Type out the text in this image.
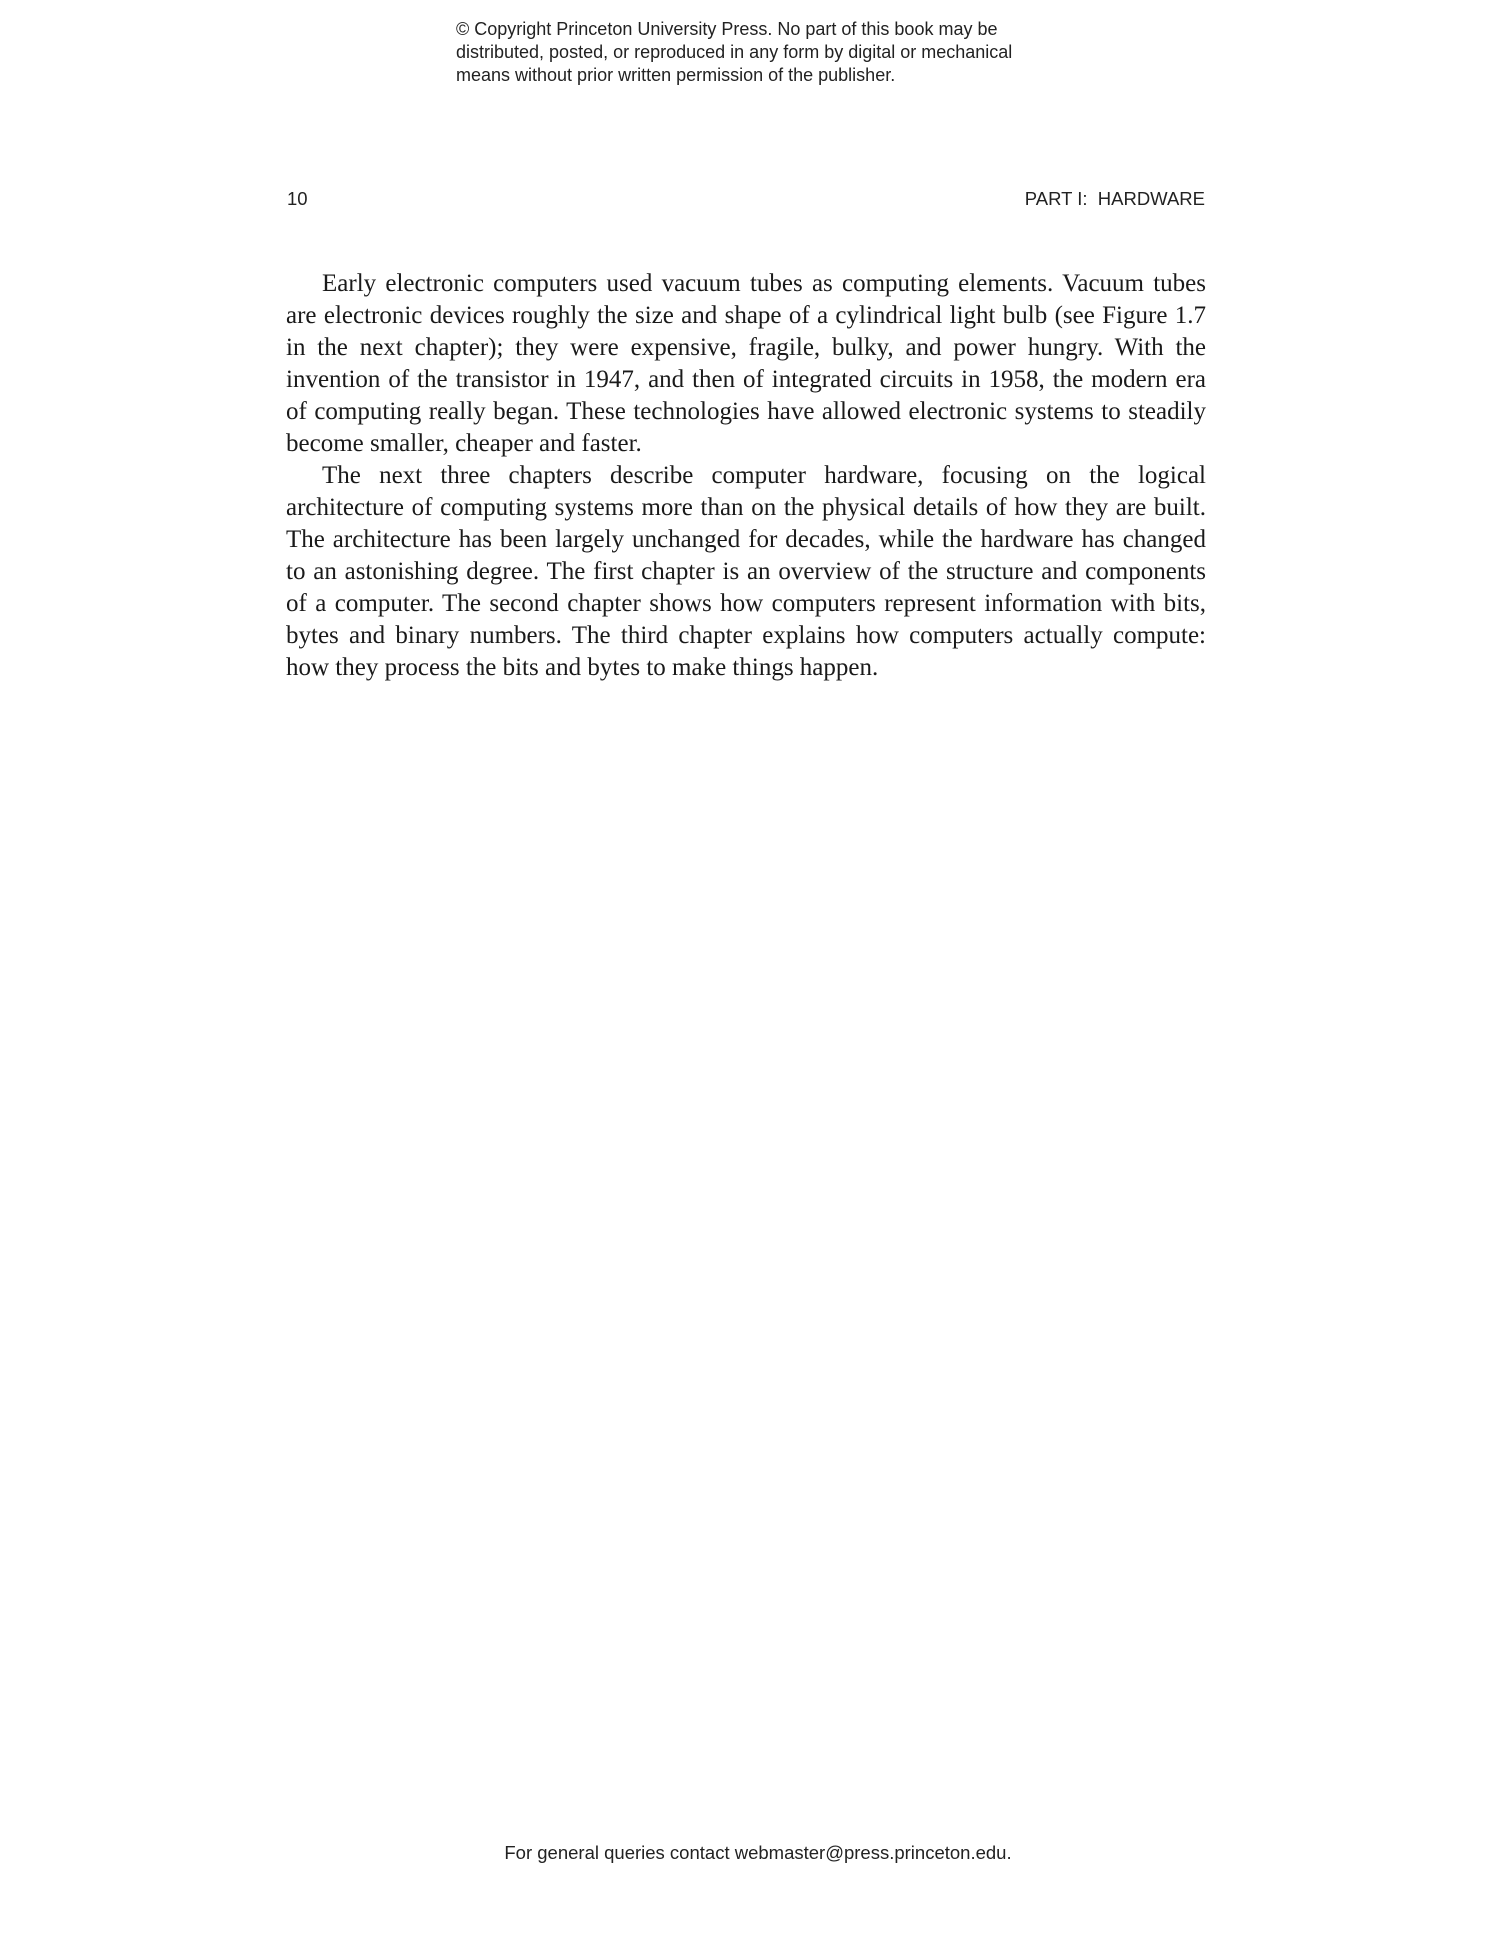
© Copyright Princeton University Press. No part of this book may be
distributed, posted, or reproduced in any form by digital or mechanical
means without prior written permission of the publisher.
10	PART I:  HARDWARE

Early electronic computers used vacuum tubes as computing elements. Vacuum tubes are electronic devices roughly the size and shape of a cylindrical light bulb (see Figure 1.7 in the next chapter); they were expensive, fragile, bulky, and power hungry. With the invention of the transistor in 1947, and then of integrated circuits in 1958, the modern era of computing really began. These technologies have allowed electronic systems to steadily become smaller, cheaper and faster.

The next three chapters describe computer hardware, focusing on the logical architecture of computing systems more than on the physical details of how they are built. The architecture has been largely unchanged for decades, while the hardware has changed to an astonishing degree. The first chapter is an overview of the structure and components of a computer. The second chapter shows how computers represent information with bits, bytes and binary numbers. The third chapter explains how computers actually compute: how they process the bits and bytes to make things happen.

For general queries contact webmaster@press.princeton.edu.
